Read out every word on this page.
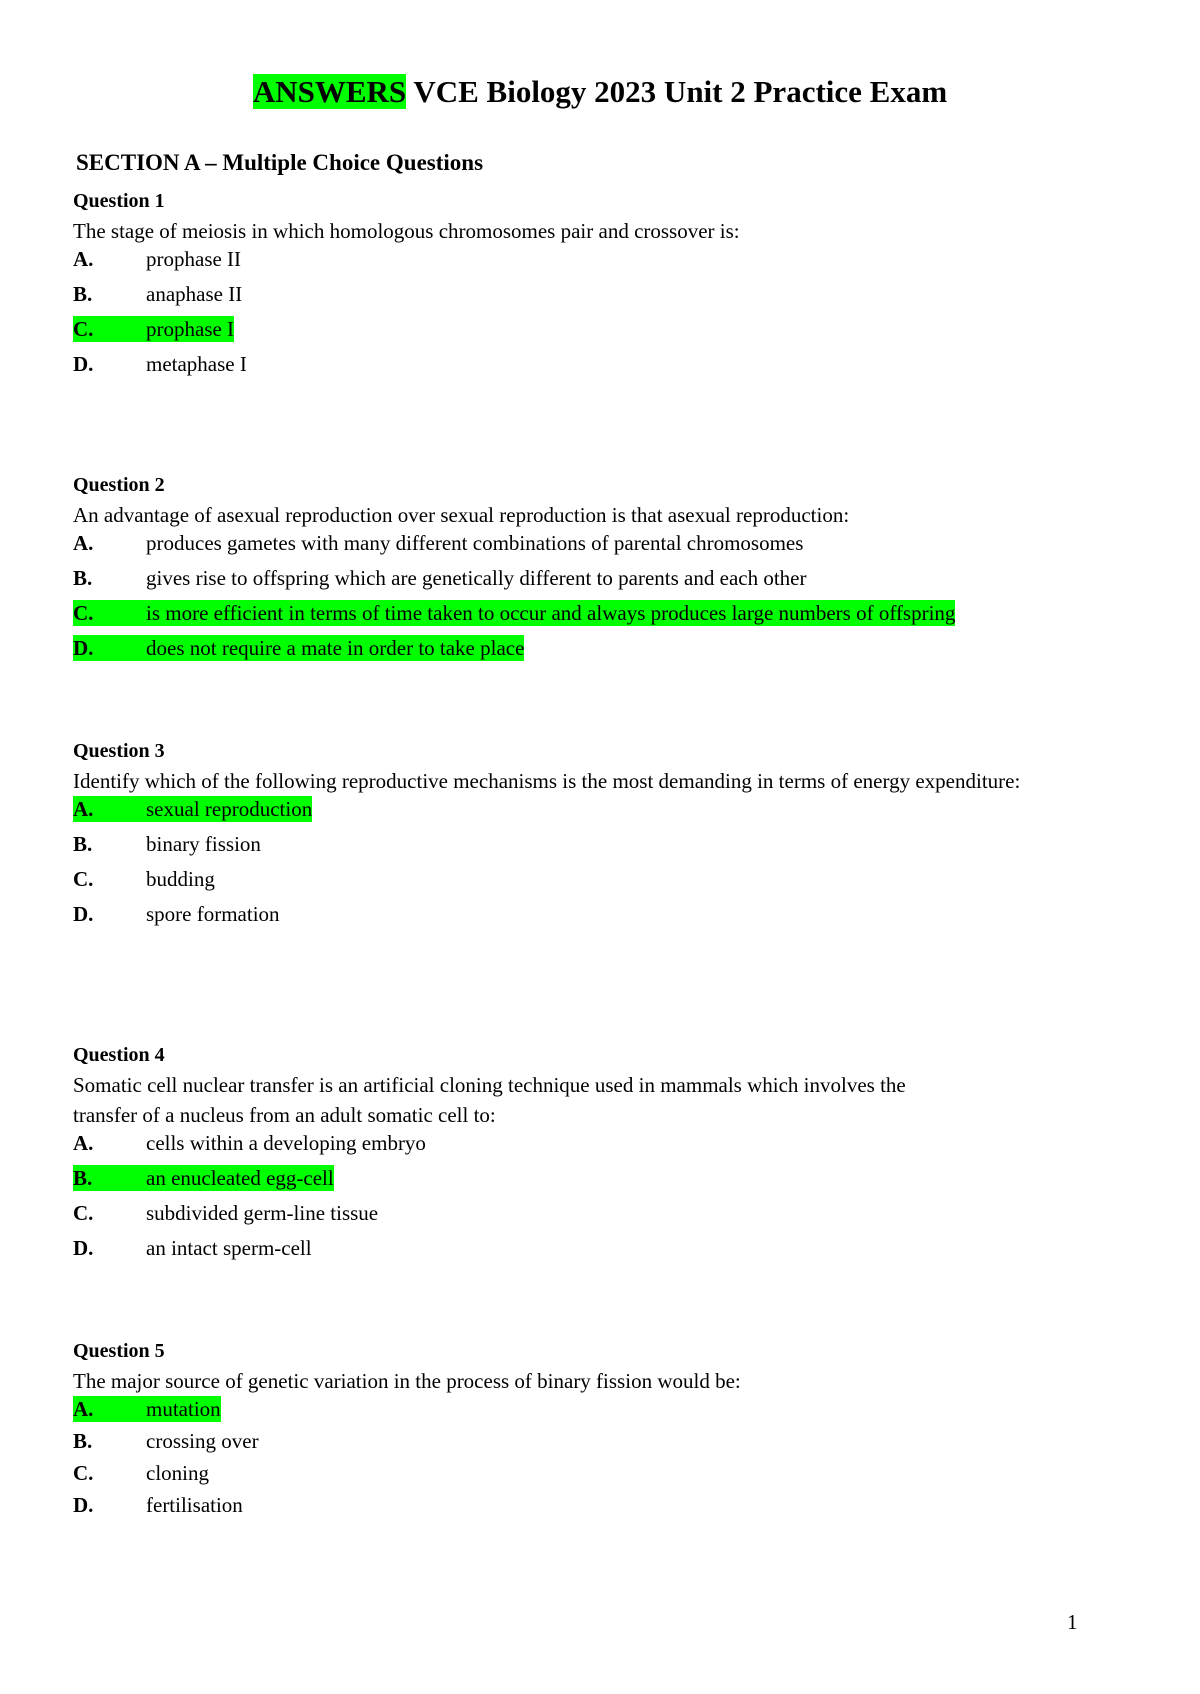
ANSWERS VCE Biology 2023 Unit 2 Practice Exam
SECTION A – Multiple Choice Questions
Question 1
The stage of meiosis in which homologous chromosomes pair and crossover is:
A.	prophase II
B.	anaphase II
C.	prophase I
D.	metaphase I
Question 2
An advantage of asexual reproduction over sexual reproduction is that asexual reproduction:
A.	produces gametes with many different combinations of parental chromosomes
B.	gives rise to offspring which are genetically different to parents and each other
C.	is more efficient in terms of time taken to occur and always produces large numbers of offspring
D.	does not require a mate in order to take place
Question 3
Identify which of the following reproductive mechanisms is the most demanding in terms of energy expenditure:
A.	sexual reproduction
B.	binary fission
C.	budding
D.	spore formation
Question 4
Somatic cell nuclear transfer is an artificial cloning technique used in mammals which involves the transfer of a nucleus from an adult somatic cell to:
A.	cells within a developing embryo
B.	an enucleated egg-cell
C.	subdivided germ-line tissue
D.	an intact sperm-cell
Question 5
The major source of genetic variation in the process of binary fission would be:
A.	mutation
B.	crossing over
C.	cloning
D.	fertilisation
1
